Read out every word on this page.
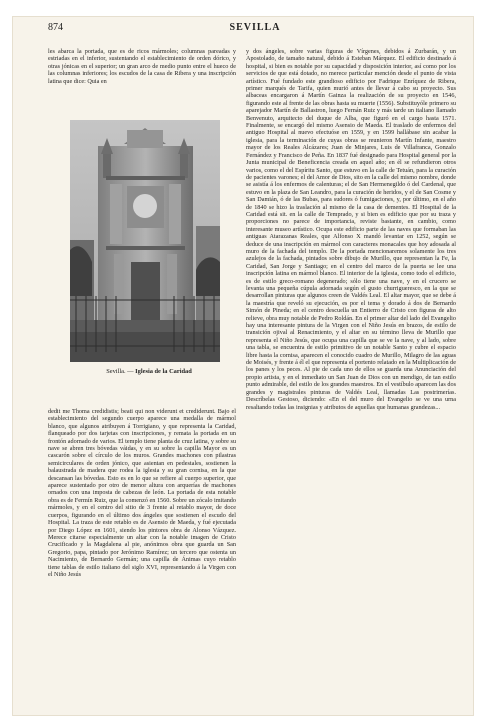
874	SEVILLA

les abarca la portada, que es de ricos mármoles; columnas pareadas y estriadas en el inferior, sustentando el establecimiento de orden dórico, y otras jónicas en el superior; un gran arco de medio punto entre el hueco de las columnas inferiores; los escudos de la casa de Ribera y una inscripción latina que dice: Quia en

Sevilla. — Iglesia de la Caridad

dedit me Thoma credidistis; beati qui non viderunt et crediderunt. Bajo el establecimiento del segundo cuerpo aparece una medalla de mármol blanco, que algunos atribuyen á Torrigiano, y que representa la Caridad, flanqueado por dos tarjetas con inscripciones, y remata la portada en un frontón adornado de varios. El templo tiene planta de cruz latina, y sobre su nave se abren tres bóvedas váidas, y en su sobre la capilla Mayor es un cascarón sobre el círculo de los muros. Grandes machones con pilastras semicirculares de orden jónico, que asientan en pedestales, sostienen la balaustrada de madera que rodea la iglesia y su gran cornisa, en la que descansan las bóvedas. Esto es en lo que se refiere al cuerpo superior, que aparece sustentado por otro de menor altura con arquerías de machones ornados con una imposta de cabezas de león. La portada de esta notable obra es de Fermín Ruiz, que la comenzó en 1560. Sobre un zócalo imitando mármoles, y en el centro del sitio de 3 frente al retablo mayor, de doce cuerpos, figurando en el último dos ángeles que sostienen el escudo del Hospital. La traza de este retablo es de Asensio de Maeda, y fué ejecutada por Diego López en 1601, siendo los pintores obra de Alonso Vázquez. Merece citarse especialmente un altar con la notable imagen de Cristo Crucificado y la Magdalena al pie, anónimos obra que guarda un San Gregorio, papa, pintado por Jerónimo Ramírez; un tercero que ostenta un Nacimiento, de Bernardo Germán; una capilla de Ánimas cuyo retablo tiene tablas de estilo italiano del siglo XVI, representando á la Virgen con el Niño Jesús

y dos ángeles, sobre varias figuras de Vírgenes, debidos á Zurbarán, y un Apostolado, de tamaño natural, debido á Esteban Márquez. El edificio destinado á hospital, si bien es notable por su capacidad y disposición interior, así como por los servicios de que está dotado, no merece particular mención desde el punto de vista artístico. Fué fundado este grandioso edificio por Fadrique Enríquez de Ribera, primer marqués de Tarifa, quien murió antes de llevar á cabo su proyecto. Sus albaceas encargaron á Martín Gainza la realización de su proyecto en 1546, figurando este al frente de las obras hasta su muerte (1556). Substituyóle primero su aparejador Martín de Ballastron, luego Fernán Ruiz y más tarde un italiano llamado Benvenuto, arquitecto del duque de Alba, que figuró en el cargo hasta 1571. Finalmente, se encargó del mismo Asensio de Maeda. El traslado de enfermos del antiguo Hospital al nuevo efectuóse en 1559, y en 1599 hallábase sin acabar la iglesia, para la terminación de cuyas obras se reunieron Martín Infante, maestro mayor de los Reales Alcázares; Juan de Minjares, Luis de Villafranca, Gonzalo Fernández y Francisco de Peña. En 1837 fué designado para Hospital general por la Junta municipal de Beneficencia creada en aquel año; en él se refundieron otros varios, como el del Espíritu Santo, que estuvo en la calle de Tetuán, para la curación de pacientes varones; el del Amor de Dios, sito en la calle del mismo nombre, donde se asistía á los enfermos de calenturas; el de San Hermenegildo ó del Cardenal, que estuvo en la plaza de San Leandro, para la curación de heridos, y el de San Cosme y San Damián, ó de las Bubas, para sudores ó fumigaciones, y, por último, en el año de 1840 se hizo la traslación al mismo de la casa de dementes. El Hospital de la Caridad está sit. en la calle de Temprado, y si bien es edificio que por su traza y proporciones no parece de importancia, reviste bastante, en cambio, como interesante museo artístico. Ocupa este edificio parte de las naves que formaban las antiguas Atarazanas Reales, que Alfonso X mandó levantar en 1252, según se deduce de una inscripción en mármol con caracteres monacales que hoy adosada al muro de la fachada del templo. De la portada mencionaremos solamente los tres azulejos de la fachada, pintados sobre dibujo de Murillo, que representan la Fe, la Caridad, San Jorge y Santiago; en el centro del marco de la puerta se lee una inscripción latina en mármol blanco. El interior de la iglesia, como todo el edificio, es de estilo greco-romano degenerado; sólo tiene una nave, y en el crucero se levanta una pequeña cúpula adornada según el gusto churrigueresco, en la que se desarrollan pinturas que algunos creen de Valdés Leal. El altar mayor, que se debe á la maestría que reveló su ejecución, es por el tema y dorado á dos de Bernardo Simón de Pineda; en el centro descuella un Entierro de Cristo con figuras de alto relieve, obra muy notable de Pedro Roldán. En el primer altar del lado del Evangelio hay una interesante pintura de la Virgen con el Niño Jesús en brazos, de estilo de transición ojival al Renacimiento, y el altar en su término lleva de Murillo que representa el Niño Jesús, que ocupa una capilla que se ve la nave, y al lado, sobre una tabla, se encuentra de estilo primitivo de un notable Santo y cubre el espacio libre hasta la cornisa, aparecen el conocido cuadro de Murillo, Milagro de las aguas de Moisés, y frente á él el que representa el portento relatado en la Multiplicación de los panes y los peces. Al pie de cada uno de ellos se guarda una Anunciación del propio artista, y en el inmediato un San Juan de Dios con un mendigo, de tan estilo punto admirable, del estilo de los grandes maestros. En el vestíbulo aparecen las dos grandes y magistrales pinturas de Valdés Leal, llamadas Las postrimerías. Descríbelas Gestoso, diciendo: «En el del muro del Evangelio se ve una urna resaltando todas las insignias y atributos de aquellas que humanas grandezas...
